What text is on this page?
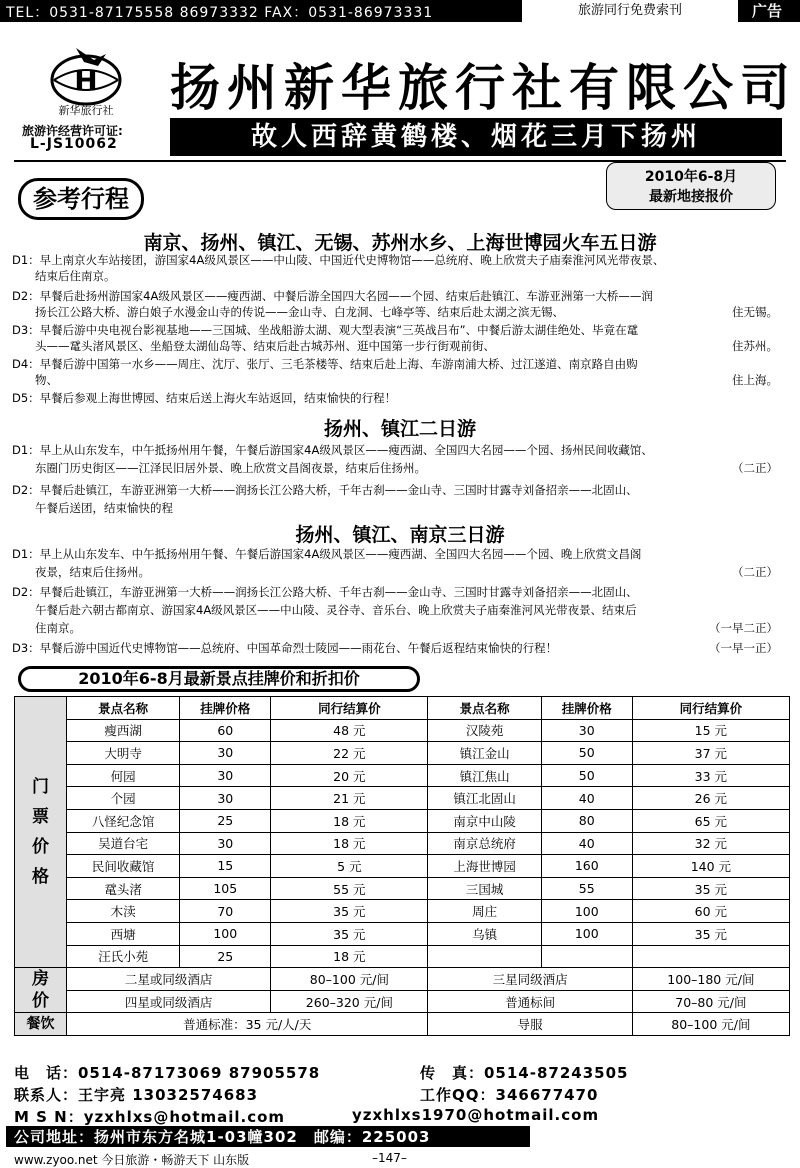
TEL：0531-87175558 86973332 FAX：0531-86973331	旅游同行免费索刊	广告
H
新华旅行社 扬州新华旅行社有限公司
旅游许经营许可证:
L-JS10062	故人西辞黄鹤楼、烟花三月下扬州
参考行程
2010年6-8月
最新地接报价
南京、扬州、镇江、无锡、苏州水乡、上海世博园火车五日游
D1：早上南京火车站接团，游国家4A级风景区——中山陵、中国近代史博物馆——总统府、晚上欣赏夫子庙秦淮河风光带夜景、
　　结束后住南京。
D2：早餐后赴扬州游国家4A级风景区——瘦西湖、中餐后游全国四大名园——个园、结束后赴镇江、车游亚洲第一大桥——润
　　扬长江公路大桥、游白娘子水漫金山寺的传说——金山寺、白龙洞、七峰亭等、结束后赴太湖之滨无锡、	住无锡。
D3：早餐后游中央电视台影视基地——三国城、坐战船游太湖、观大型表演“三英战吕布”、中餐后游太湖佳绝处、毕竟在鼋
　　头——鼋头渚风景区、坐船登太湖仙岛等、结束后赴古城苏州、逛中国第一步行街观前街、	住苏州。
D4：早餐后游中国第一水乡——周庄、沈厅、张厅、三毛茶楼等、结束后赴上海、车游南浦大桥、过江遂道、南京路自由购
　　物、	住上海。
D5：早餐后参观上海世博园、结束后送上海火车站返回，结束愉快的行程！
扬州、镇江二日游
D1：早上从山东发车，中午抵扬州用午餐，午餐后游国家4A级风景区——瘦西湖、全国四大名园——个园、扬州民间收藏馆、
　　东圈门历史街区——江泽民旧居外景、晚上欣赏文昌阁夜景，结束后住扬州。	（二正）
D2：早餐后赴镇江，车游亚洲第一大桥——润扬长江公路大桥，千年古刹——金山寺、三国时甘露寺刘备招亲——北固山、
　　午餐后送团，结束愉快的程
扬州、镇江、南京三日游
D1：早上从山东发车、中午抵扬州用午餐、午餐后游国家4A级风景区——瘦西湖、全国四大名园——个园、晚上欣赏文昌阁
　　夜景，结束后住扬州。	（二正）
D2：早餐后赴镇江，车游亚洲第一大桥——润扬长江公路大桥、千年古刹——金山寺、三国时甘露寺刘备招亲——北固山、
　　午餐后赴六朝古都南京、游国家4A级风景区——中山陵、灵谷寺、音乐台、晚上欣赏夫子庙秦淮河风光带夜景、结束后
　　住南京。	（一早二正）
D3：早餐后游中国近代史博物馆——总统府、中国革命烈士陵园——雨花台、午餐后返程结束愉快的行程！	（一早一正）
2010年6-8月最新景点挂牌价和折扣价
门
票
价
格	景点名称	挂牌价格	同行结算价	景点名称	挂牌价格	同行结算价
	瘦西湖	60	48 元	汉陵苑	30	15 元
	大明寺	30	22 元	镇江金山	50	37 元
	何园	30	20 元	镇江焦山	50	33 元
	个园	30	21 元	镇江北固山	40	26 元
	八怪纪念馆	25	18 元	南京中山陵	80	65 元
	吴道台宅	30	18 元	南京总统府	40	32 元
	民间收藏馆	15	5 元	上海世博园	160	140 元
	鼋头渚	105	55 元	三国城	55	35 元
	木渎	70	35 元	周庄	100	60 元
	西塘	100	35 元	乌镇	100	35 元
	汪氏小苑	25	18 元			

房
价	二星或同级酒店		80–100 元/间	三星同级酒店		100–180 元/间
	四星或同级酒店		260–320 元/间	普通标间		70–80 元/间
餐饮	普通标准：35 元/人/天			导服		80–100 元/间
电　话：0514-87173069 87905578	传　真：0514-87243505
联系人：王宇亮 13032574683	工作QQ：346677470
M S N：yzxhlxs@hotmail.com	yzxhlxs1970@hotmail.com
公司地址：扬州市东方名城1-03幢302　邮编：225003
www.zyoo.net 今日旅游・畅游天下 山东版	–147–
